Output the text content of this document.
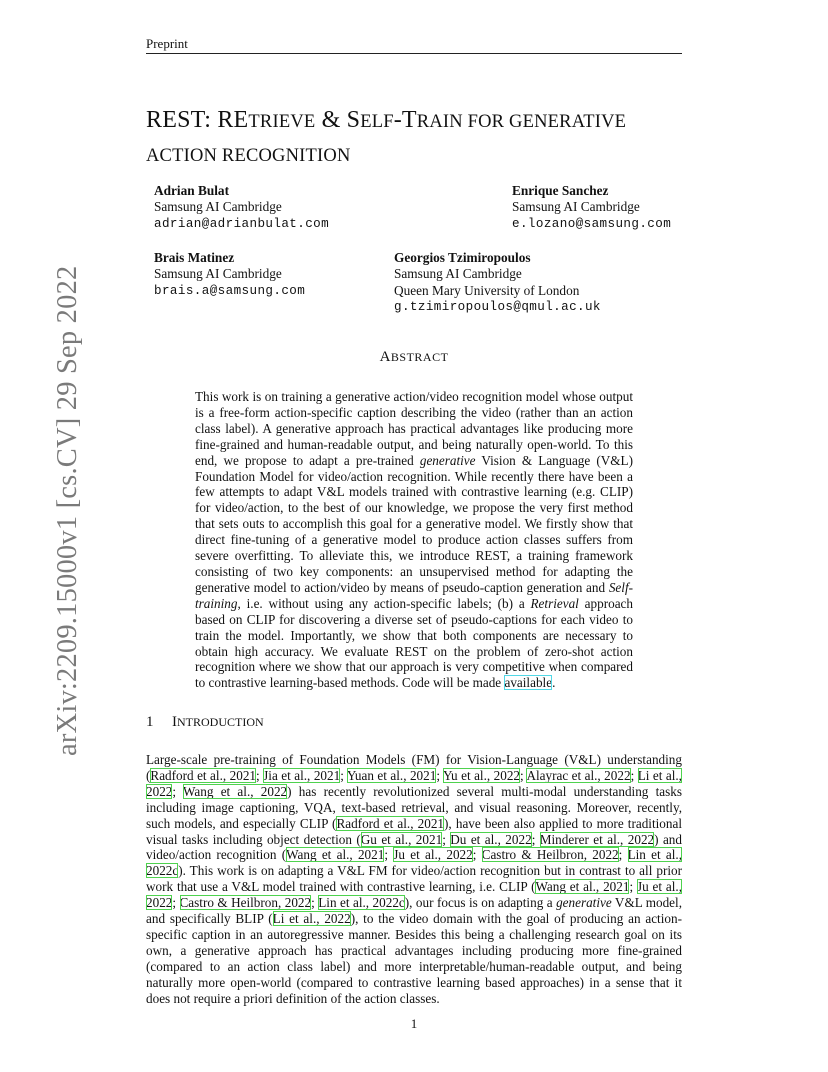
Preprint
arXiv:2209.15000v1 [cs.CV] 29 Sep 2022
REST: RETRIEVE & SELF-TRAIN FOR GENERATIVE
ACTION RECOGNITION
Adrian Bulat
Samsung AI Cambridge
adrian@adrianbulat.com
Enrique Sanchez
Samsung AI Cambridge
e.lozano@samsung.com
Brais Matinez
Samsung AI Cambridge
brais.a@samsung.com
Georgios Tzimiropoulos
Samsung AI Cambridge
Queen Mary University of London
g.tzimiropoulos@qmul.ac.uk
ABSTRACT
This work is on training a generative action/video recognition model whose output is a free-form action-specific caption describing the video (rather than an action class label). A generative approach has practical advantages like producing more fine-grained and human-readable output, and being naturally open-world. To this end, we propose to adapt a pre-trained generative Vision & Language (V&L) Foundation Model for video/action recognition. While recently there have been a few attempts to adapt V&L models trained with contrastive learning (e.g. CLIP) for video/action, to the best of our knowledge, we propose the very first method that sets outs to accomplish this goal for a generative model. We firstly show that direct fine-tuning of a generative model to produce action classes suffers from severe overfitting. To alleviate this, we introduce REST, a training framework consisting of two key components: an unsupervised method for adapting the generative model to action/video by means of pseudo-caption generation and Self-training, i.e. without using any action-specific labels; (b) a Retrieval approach based on CLIP for discovering a diverse set of pseudo-captions for each video to train the model. Importantly, we show that both components are necessary to obtain high accuracy. We evaluate REST on the problem of zero-shot action recognition where we show that our approach is very competitive when compared to contrastive learning-based methods. Code will be made available.
1 INTRODUCTION
Large-scale pre-training of Foundation Models (FM) for Vision-Language (V&L) understanding (Radford et al., 2021; Jia et al., 2021; Yuan et al., 2021; Yu et al., 2022; Alayrac et al., 2022; Li et al., 2022; Wang et al., 2022) has recently revolutionized several multi-modal understanding tasks including image captioning, VQA, text-based retrieval, and visual reasoning. Moreover, recently, such models, and especially CLIP (Radford et al., 2021), have been also applied to more traditional visual tasks including object detection (Gu et al., 2021; Du et al., 2022; Minderer et al., 2022) and video/action recognition (Wang et al., 2021; Ju et al., 2022; Castro & Heilbron, 2022; Lin et al., 2022c). This work is on adapting a V&L FM for video/action recognition but in contrast to all prior work that use a V&L model trained with contrastive learning, i.e. CLIP (Wang et al., 2021; Ju et al., 2022; Castro & Heilbron, 2022; Lin et al., 2022c), our focus is on adapting a generative V&L model, and specifically BLIP (Li et al., 2022), to the video domain with the goal of producing an action-specific caption in an autoregressive manner. Besides this being a challenging research goal on its own, a generative approach has practical advantages including producing more fine-grained (compared to an action class label) and more interpretable/human-readable output, and being naturally more open-world (compared to contrastive learning based approaches) in a sense that it does not require a priori definition of the action classes.
1
